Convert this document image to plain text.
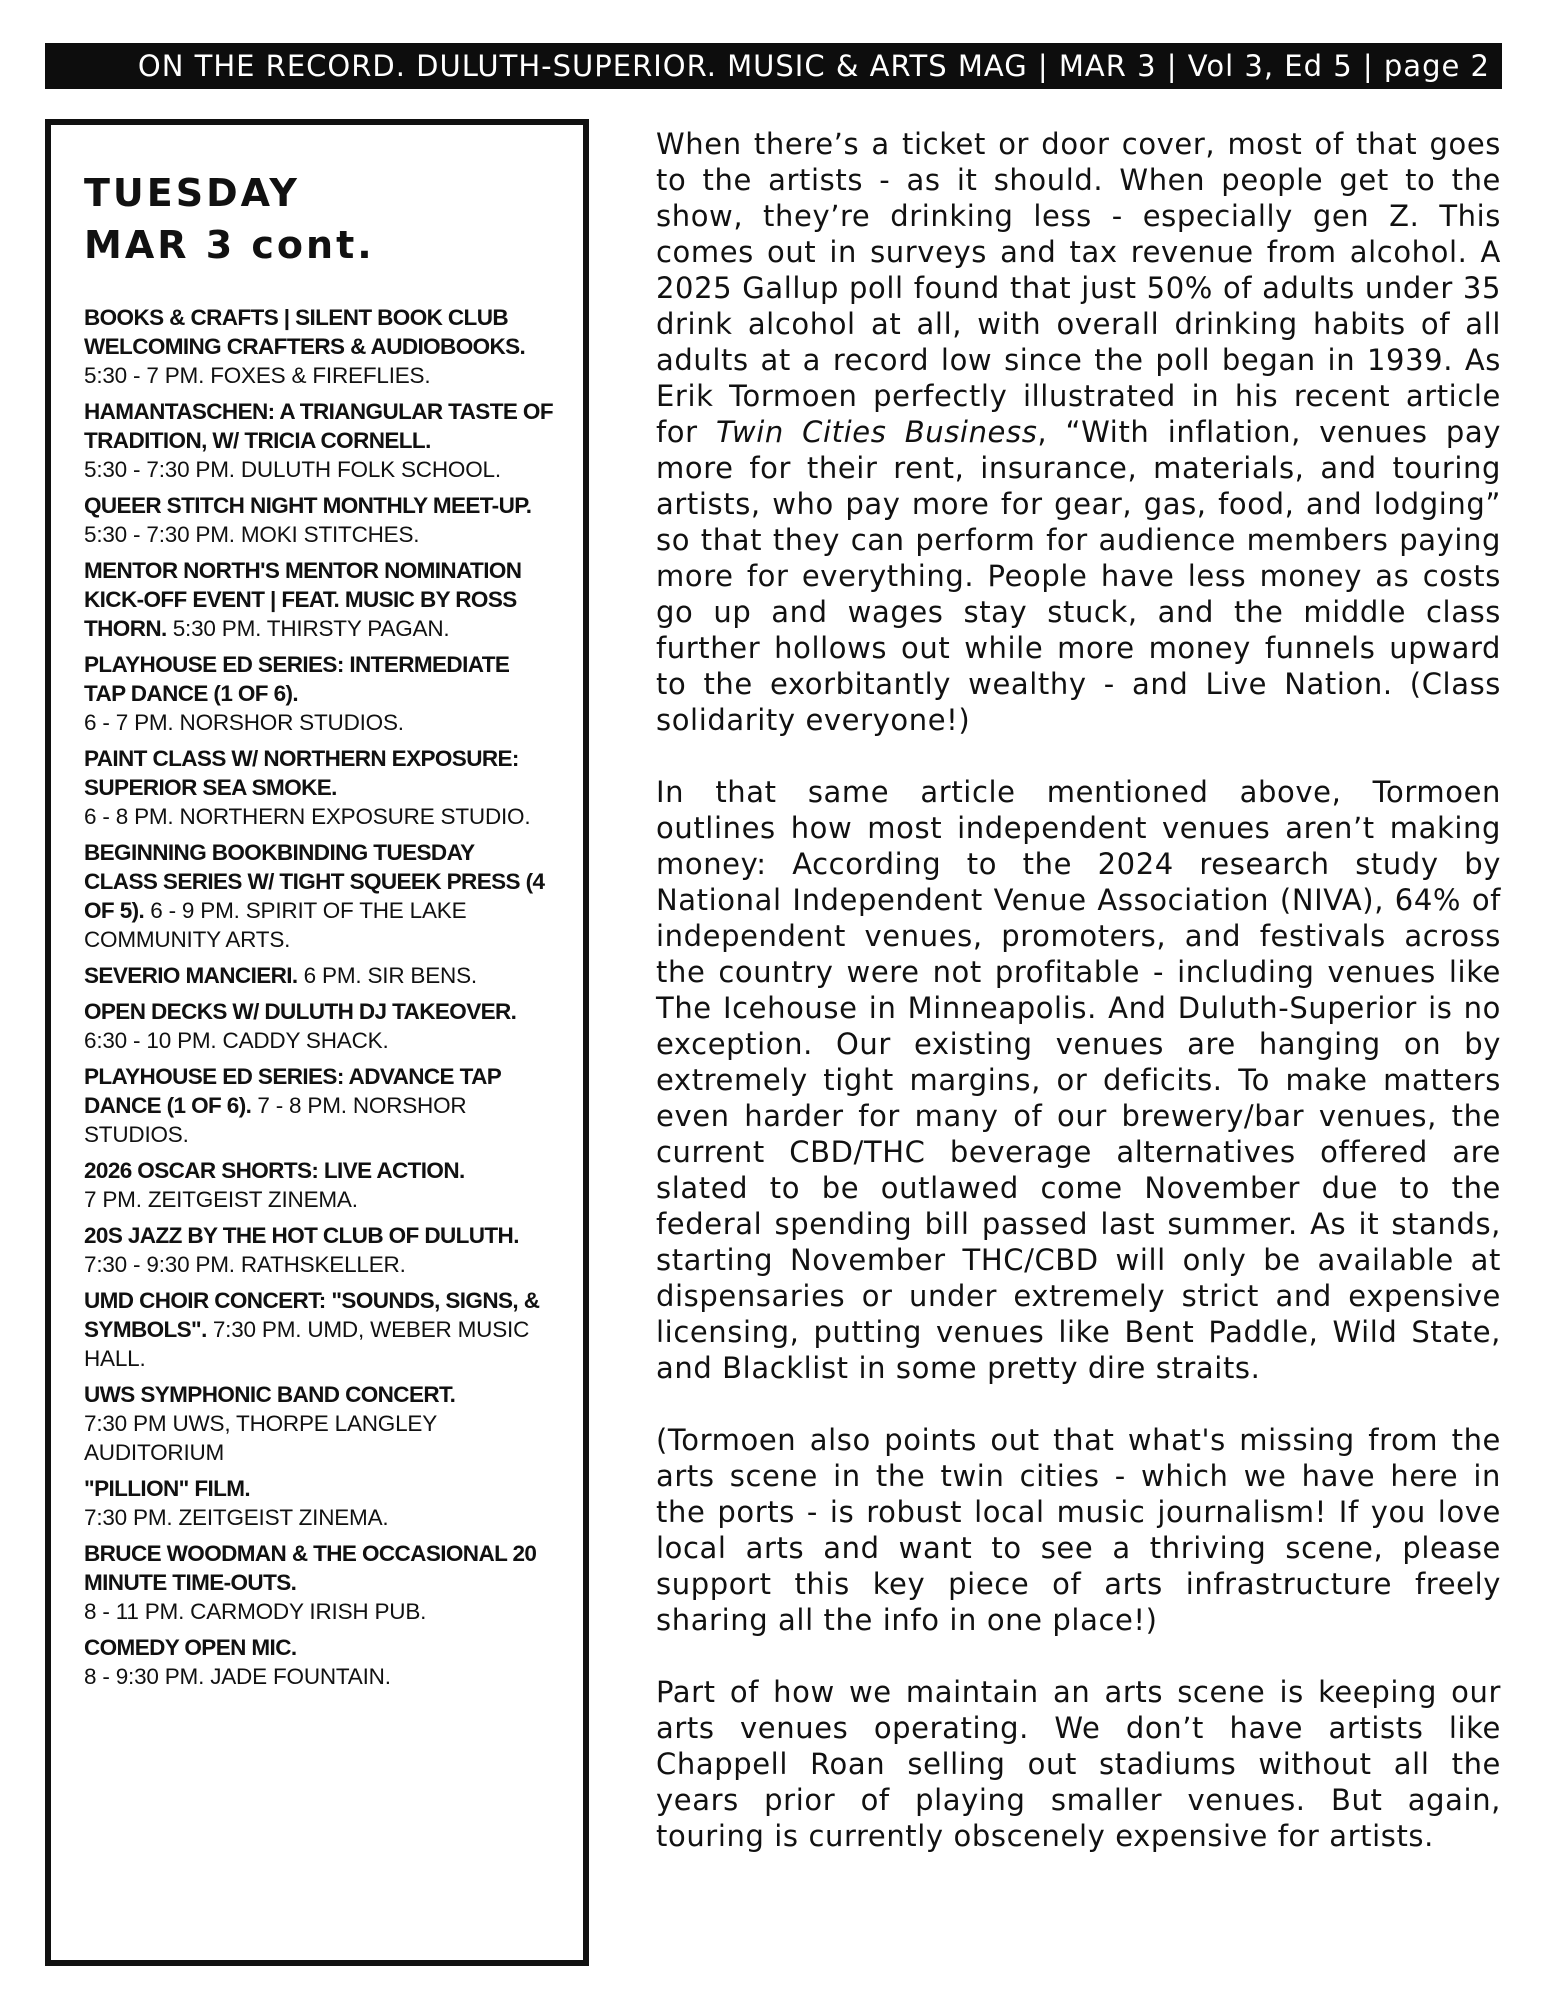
ON THE RECORD. DULUTH-SUPERIOR. MUSIC & ARTS MAG | MAR 3 | Vol 3, Ed 5 | page 2
TUESDAY
MAR 3 cont.
BOOKS & CRAFTS | SILENT BOOK CLUB WELCOMING CRAFTERS & AUDIOBOOKS.
5:30 - 7 PM. FOXES & FIREFLIES.
HAMANTASCHEN: A TRIANGULAR TASTE OF TRADITION, W/ TRICIA CORNELL.
5:30 - 7:30 PM. DULUTH FOLK SCHOOL.
QUEER STITCH NIGHT MONTHLY MEET-UP.
5:30 - 7:30 PM. MOKI STITCHES.
MENTOR NORTH'S MENTOR NOMINATION KICK-OFF EVENT | FEAT. MUSIC BY ROSS THORN. 5:30 PM. THIRSTY PAGAN.
PLAYHOUSE ED SERIES: INTERMEDIATE TAP DANCE (1 OF 6).
6 - 7 PM. NORSHOR STUDIOS.
PAINT CLASS W/ NORTHERN EXPOSURE: SUPERIOR SEA SMOKE.
6 - 8 PM. NORTHERN EXPOSURE STUDIO.
BEGINNING BOOKBINDING TUESDAY CLASS SERIES W/ TIGHT SQUEEK PRESS (4 OF 5). 6 - 9 PM. SPIRIT OF THE LAKE COMMUNITY ARTS.
SEVERIO MANCIERI. 6 PM. SIR BENS.
OPEN DECKS W/ DULUTH DJ TAKEOVER.
6:30 - 10 PM. CADDY SHACK.
PLAYHOUSE ED SERIES: ADVANCE TAP DANCE (1 OF 6). 7 - 8 PM. NORSHOR STUDIOS.
2026 OSCAR SHORTS: LIVE ACTION.
7 PM. ZEITGEIST ZINEMA.
20S JAZZ BY THE HOT CLUB OF DULUTH. 7:30 - 9:30 PM. RATHSKELLER.
UMD CHOIR CONCERT: "SOUNDS, SIGNS, & SYMBOLS". 7:30 PM. UMD, WEBER MUSIC HALL.
UWS SYMPHONIC BAND CONCERT.
7:30 PM UWS, THORPE LANGLEY AUDITORIUM
"PILLION" FILM.
7:30 PM. ZEITGEIST ZINEMA.
BRUCE WOODMAN & THE OCCASIONAL 20 MINUTE TIME-OUTS.
8 - 11 PM. CARMODY IRISH PUB.
COMEDY OPEN MIC.
8 - 9:30 PM. JADE FOUNTAIN.

When there’s a ticket or door cover, most of that goes to the artists - as it should. When people get to the show, they’re drinking less - especially gen Z. This comes out in surveys and tax revenue from alcohol. A 2025 Gallup poll found that just 50% of adults under 35 drink alcohol at all, with overall drinking habits of all adults at a record low since the poll began in 1939. As Erik Tormoen perfectly illustrated in his recent article for Twin Cities Business, “With inflation, venues pay more for their rent, insurance, materials, and touring artists, who pay more for gear, gas, food, and lodging” so that they can perform for audience members paying more for everything. People have less money as costs go up and wages stay stuck, and the middle class further hollows out while more money funnels upward to the exorbitantly wealthy - and Live Nation. (Class solidarity everyone!)

In that same article mentioned above, Tormoen outlines how most independent venues aren’t making money: According to the 2024 research study by National Independent Venue Association (NIVA), 64% of independent venues, promoters, and festivals across the country were not profitable - including venues like The Icehouse in Minneapolis. And Duluth-Superior is no exception. Our existing venues are hanging on by extremely tight margins, or deficits. To make matters even harder for many of our brewery/bar venues, the current CBD/THC beverage alternatives offered are slated to be outlawed come November due to the federal spending bill passed last summer. As it stands, starting November THC/CBD will only be available at dispensaries or under extremely strict and expensive licensing, putting venues like Bent Paddle, Wild State, and Blacklist in some pretty dire straits.

(Tormoen also points out that what's missing from the arts scene in the twin cities - which we have here in the ports - is robust local music journalism! If you love local arts and want to see a thriving scene, please support this key piece of arts infrastructure freely sharing all the info in one place!)

Part of how we maintain an arts scene is keeping our arts venues operating. We don’t have artists like Chappell Roan selling out stadiums without all the years prior of playing smaller venues. But again, touring is currently obscenely expensive for artists.
